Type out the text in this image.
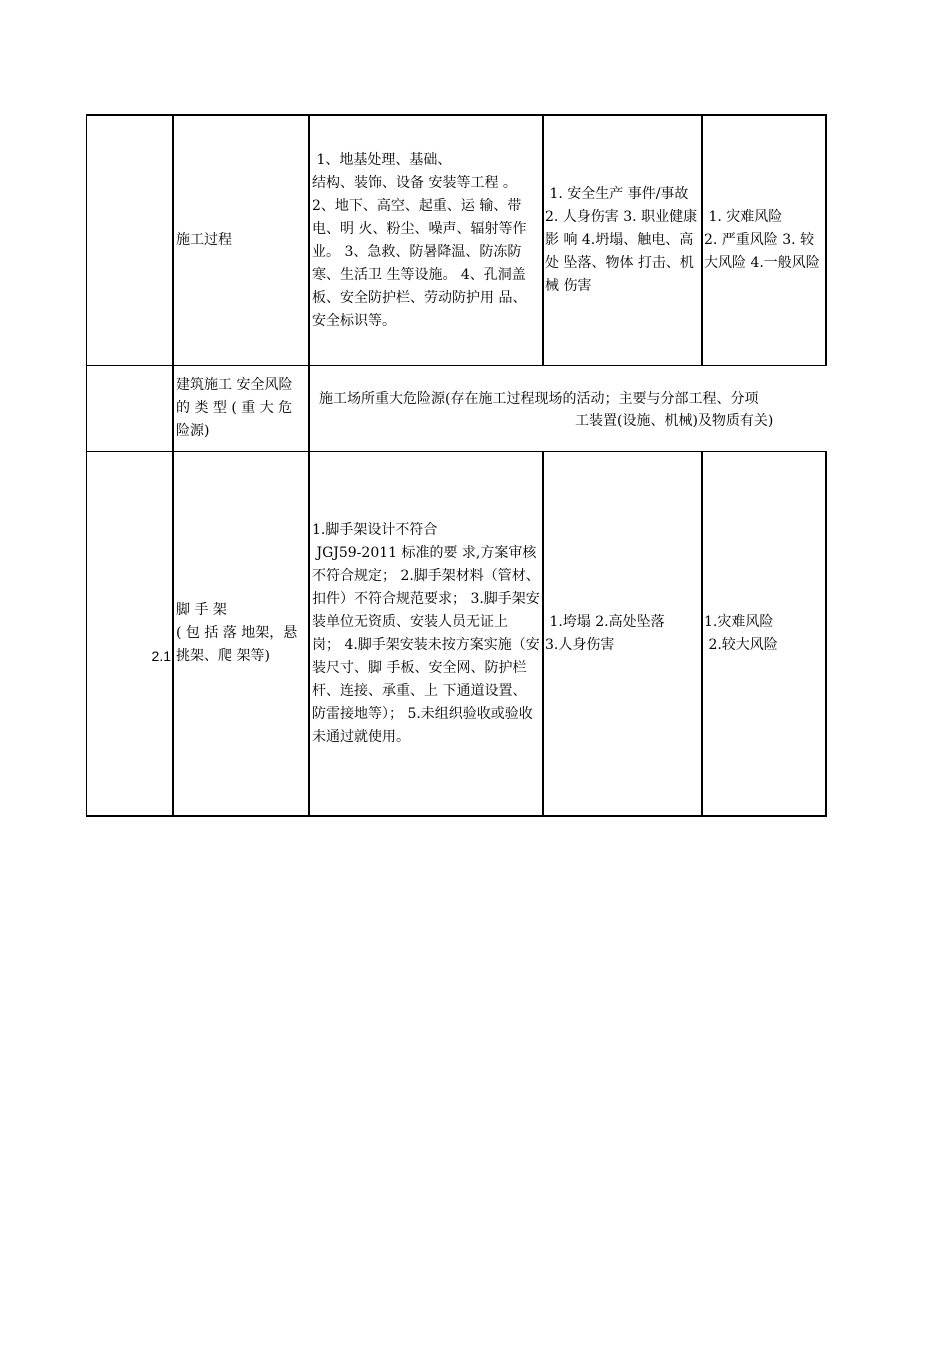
施工过程
1、地基处理、基础、
结构、装饰、设备 安装等工程 。 2、地下、高空、起重、运 输、带电、明 火、粉尘、噪声、辐射等作业。 3、急救、防暑降温、防冻防寒、生活卫 生等设施。 4、孔洞盖板、安全防护栏、劳动防护用 品、安全标识等。
1. 安全生产 事件/事故
2. 人身伤害 3. 职业健康影 响 4.坍塌、触电、高处 坠落、物体 打击、机械 伤害
1. 灾难风险
2. 严重风险 3. 较大风险 4.一般风险
建筑施工 安全风险 的 类 型 ( 重 大 危 险源)
施工场所重大危险源(存在施工过程现场的活动；主要与分部工程、分项
工装置(设施、机械)及物质有关)

2.1

脚 手 架
( 包 括 落 地架，悬 挑架、爬 架等)
1.脚手架设计不符合
JGJ59-2011 标准的要 求,方案审核不符合规定； 2.脚手架材料（管材、扣件）不符合规范要求； 3.脚手架安装单位无资质、安装人员无证上 岗； 4.脚手架安装未按方案实施（安装尺寸、脚 手板、安全网、防护栏杆、连接、承重、上 下通道设置、防雷接地等）； 5.未组织验收或验收未通过就使用。
1.垮塌 2.高处坠落
3.人身伤害
1.灾难风险
2.较大风险
